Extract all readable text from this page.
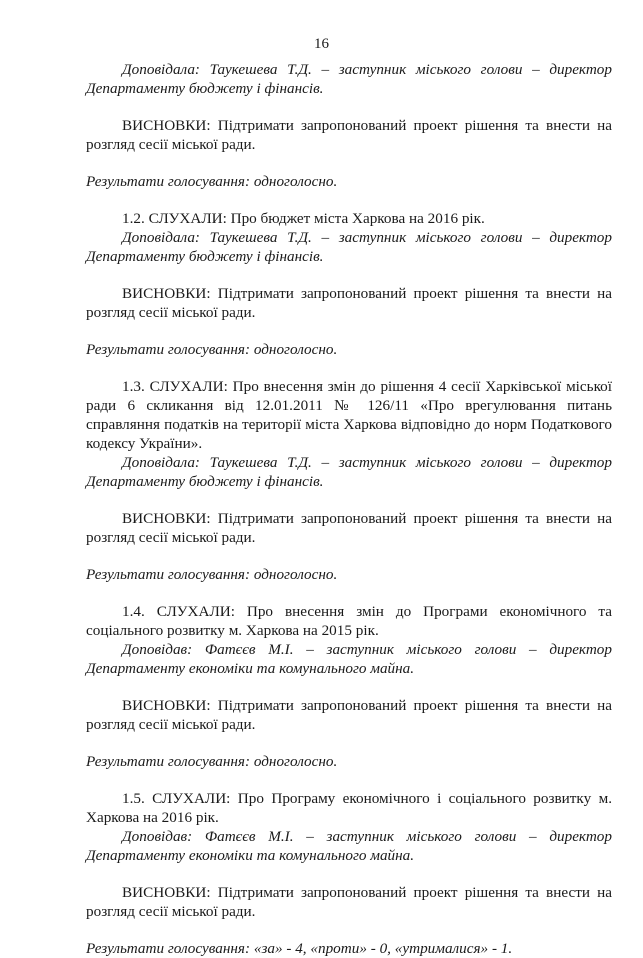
16

Доповідала: Таукешева Т.Д. – заступник міського голови – директор Департаменту бюджету і фінансів.

ВИСНОВКИ: Підтримати запропонований проект рішення та внести на розгляд сесії міської ради.

Результати голосування: одноголосно.

1.2. СЛУХАЛИ: Про бюджет міста Харкова на 2016 рік.

Доповідала: Таукешева Т.Д. – заступник міського голови – директор Департаменту бюджету і фінансів.

ВИСНОВКИ: Підтримати запропонований проект рішення та внести на розгляд сесії міської ради.

Результати голосування: одноголосно.

1.3. СЛУХАЛИ: Про внесення змін до рішення 4 сесії Харківської міської ради 6 скликання від 12.01.2011 № 126/11 «Про врегулювання питань справляння податків на території міста Харкова відповідно до норм Податкового кодексу України».

Доповідала: Таукешева Т.Д. – заступник міського голови – директор Департаменту бюджету і фінансів.

ВИСНОВКИ: Підтримати запропонований проект рішення та внести на розгляд сесії міської ради.

Результати голосування: одноголосно.

1.4. СЛУХАЛИ: Про внесення змін до Програми економічного та соціального розвитку м. Харкова на 2015 рік.

Доповідав: Фатєєв М.І. – заступник міського голови – директор Департаменту економіки та комунального майна.

ВИСНОВКИ: Підтримати запропонований проект рішення та внести на розгляд сесії міської ради.

Результати голосування: одноголосно.

1.5. СЛУХАЛИ: Про Програму економічного і соціального розвитку м. Харкова на 2016 рік.

Доповідав: Фатєєв М.І. – заступник міського голови – директор Департаменту економіки та комунального майна.

ВИСНОВКИ: Підтримати запропонований проект рішення та внести на розгляд сесії міської ради.

Результати голосування: «за» - 4, «проти» - 0, «утрималися» - 1.
